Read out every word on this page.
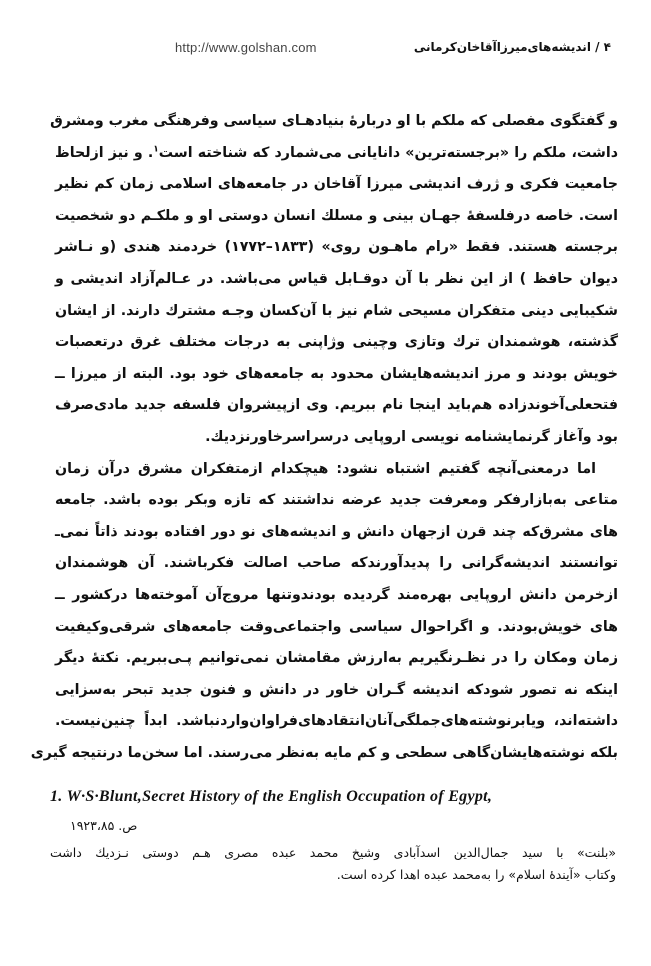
http://www.golshan.com	۴ / اندیشه‌های‌میرزا‌آقاخان‌کرمانی
و گفتگوی مفصلی که ملکم با او دربارهٔ بنیادهـای سیاسی وفرهنگی مغرب ومشرق
داشت، ملکم را «برجسته‌ترین» دانایانی می‌شمارد که شناخته است$^۱$. و نیز ازلحاظ
جامعیت فکری و ژرف اندیشی میرزا آقاخان در جامعه‌های اسلامی زمان کم نظیر
است. خاصه درفلسفهٔ جهـان بینی و مسلك انسان دوستی او و ملکـم دو شخصیت
برجسته هستند. فقط «رام ماهـون روی» (۱۸۳۳–۱۷۷۲) خردمند هندی (و نـاشر
دیوان حافظ ) از این نظر با آن دوقـابل قیاس می‌باشد. در عـالم‌آزاد اندیشی و
شکیبایی دینی متفکران مسیحی شام نیز با آن‌کسان وجـه مشترك دارند. از ایشان
گذشته، هوشمندان ترك وتازی وچینی وژاپنی به درجات مختلف غرق درتعصبات
خویش بودند و مرز اندیشه‌هایشان محدود به جامعه‌های خود بود. البته از میرزا ــ
فتحعلی‌آخوندزاده هم‌باید اینجا نام ببریم. وی ازپیشروان فلسفه جدید مادی‌صرف
بود وآغاز گرنمایشنامه نویسی اروپایی درسراسرخاورنزدیك.
اما درمعنی‌آنچه گفتیم اشتباه نشود: هیچکدام ازمتفکران مشرق درآن زمان
متاعی به‌بازارفکر ومعرفت جدید عرضه نداشتند که تازه وبکر بوده باشد. جامعه‌
های مشرق‌که چند قرن ازجهان دانش و اندیشه‌های نو دور افتاده بودند ذاتاً نمی‌ـ
توانستند اندیشه‌گرانی را پدیدآورندکه صاحب اصالت فکرباشند. آن هوشمندان
ازخرمن دانش اروپایی بهره‌مند گردیده بودندوتنها مروج‌آن آموخته‌ها درکشور ــ
های خویش‌بودند. و اگراحوال سیاسی واجتماعی‌وقت جامعه‌های شرقی‌وکیفیت
زمان ومکان را در نظـرنگیریم به‌ارزش مقامشان نمی‌توانیم پـی‌ببریم. نکتهٔ دیگر
اینکه نه تصور شودکه اندیشه گـران خاور در دانش و فنون جدید تبحر به‌سزایی
داشته‌اند، ویابرنوشته‌های‌جملگی‌آنان‌انتقادهای‌فراوان‌واردنباشد. ابداً چنین‌نیست.
بلکه نوشته‌هایشان‌گاهی سطحی و کم مایه به‌نظر می‌رسند. اما سخن‌ما درنتیجه گیری
1. W·S·Blunt,Secret History of the English Occupation of Egypt,
ص. ۱۹۲۳،۸۵
«بلنت» با سید جمال‌الدین اسدآبادی وشیخ محمد عبده مصری هـم دوستی نـزدیك داشت
وکتاب «آیندهٔ اسلام» را به‌محمد عبده اهدا کرده است.
